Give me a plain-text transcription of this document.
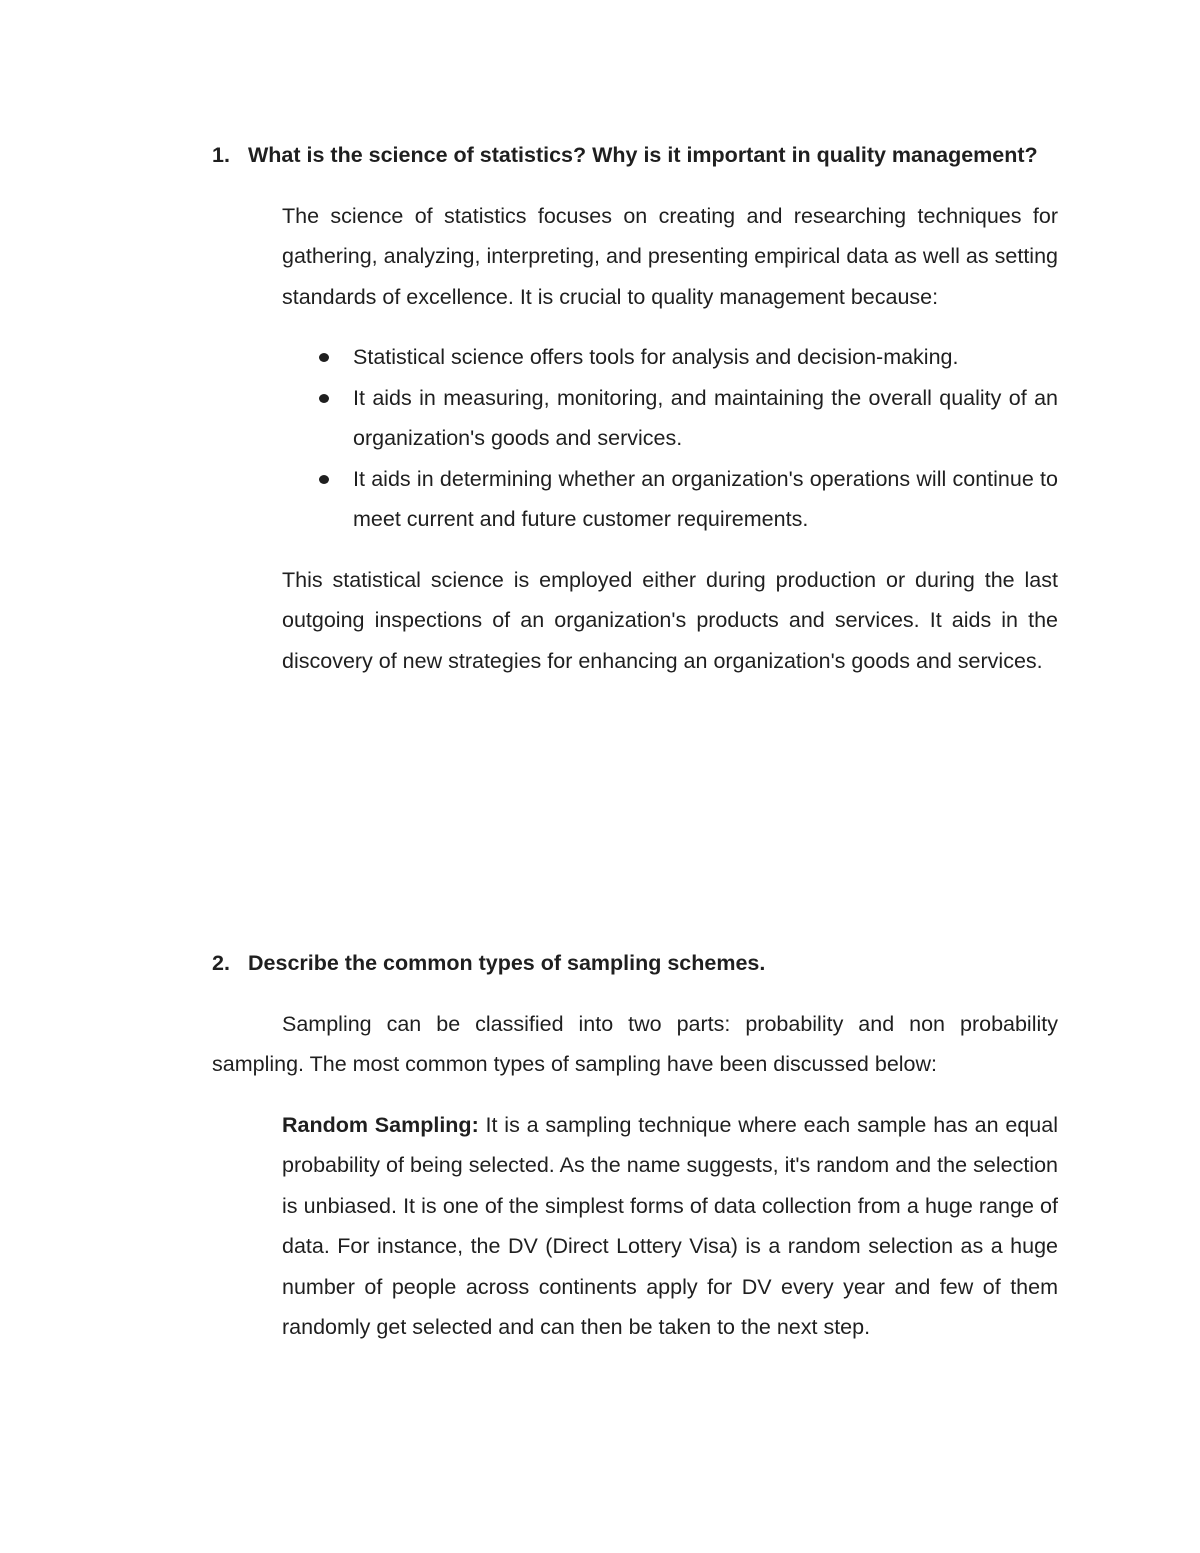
1. What is the science of statistics? Why is it important in quality management?

The science of statistics focuses on creating and researching techniques for gathering, analyzing, interpreting, and presenting empirical data as well as setting standards of excellence. It is crucial to quality management because:

Statistical science offers tools for analysis and decision-making.
It aids in measuring, monitoring, and maintaining the overall quality of an organization's goods and services.
It aids in determining whether an organization's operations will continue to meet current and future customer requirements.

This statistical science is employed either during production or during the last outgoing inspections of an organization's products and services. It aids in the discovery of new strategies for enhancing an organization's goods and services.

2. Describe the common types of sampling schemes.

Sampling can be classified into two parts: probability and non probability sampling. The most common types of sampling have been discussed below:

Random Sampling: It is a sampling technique where each sample has an equal probability of being selected. As the name suggests, it's random and the selection is unbiased. It is one of the simplest forms of data collection from a huge range of data. For instance, the DV (Direct Lottery Visa) is a random selection as a huge number of people across continents apply for DV every year and few of them randomly get selected and can then be taken to the next step.
